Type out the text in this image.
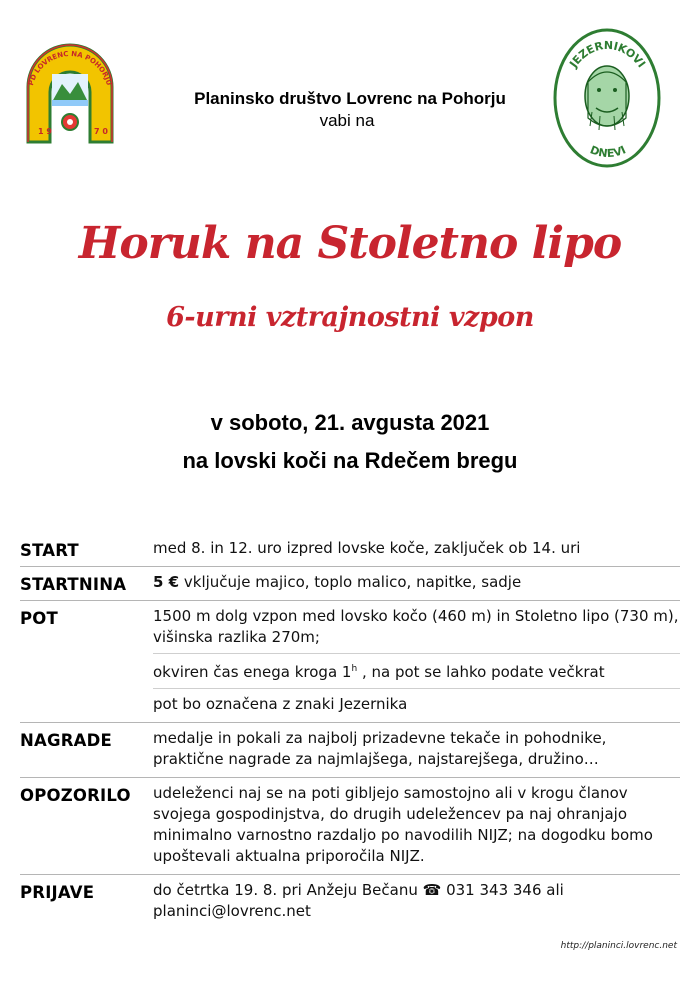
PD LOVRENC NA POHORJU
1 9	7 0
JEZERNIKOVI
DNEVI
Planinsko društvo Lovrenc na Pohorju
vabi na
Horuk na Stoletno lipo
6-urni vztrajnostni vzpon
v soboto, 21. avgusta 2021
na lovski koči na Rdečem bregu
START	med 8. in 12. uro izpred lovske koče, zaključek ob 14. uri
STARTNINA	5 € vključuje majico, toplo malico, napitke, sadje
POT	1500 m dolg vzpon med lovsko kočo (460 m) in Stoletno lipo (730 m), višinska razlika 270m;

okviren čas enega kroga 1$^h$ , na pot se lahko podate večkrat

pot bo označena z znaki Jezernika

NAGRADE	medalje in pokali za najbolj prizadevne tekače in pohodnike, praktične nagrade za najmlajšega, najstarejšega, družino…
OPOZORILO	udeleženci naj se na poti gibljejo samostojno ali v krogu članov svojega gospodinjstva, do drugih udeležencev pa naj ohranjajo minimalno varnostno razdaljo po navodilih NIJZ; na dogodku bomo upoštevali aktualna priporočila NIJZ.
PRIJAVE	do četrtka 19. 8. pri Anžeju Bečanu ☎ 031 343 346 ali
planinci@lovrenc.net
http://planinci.lovrenc.net
